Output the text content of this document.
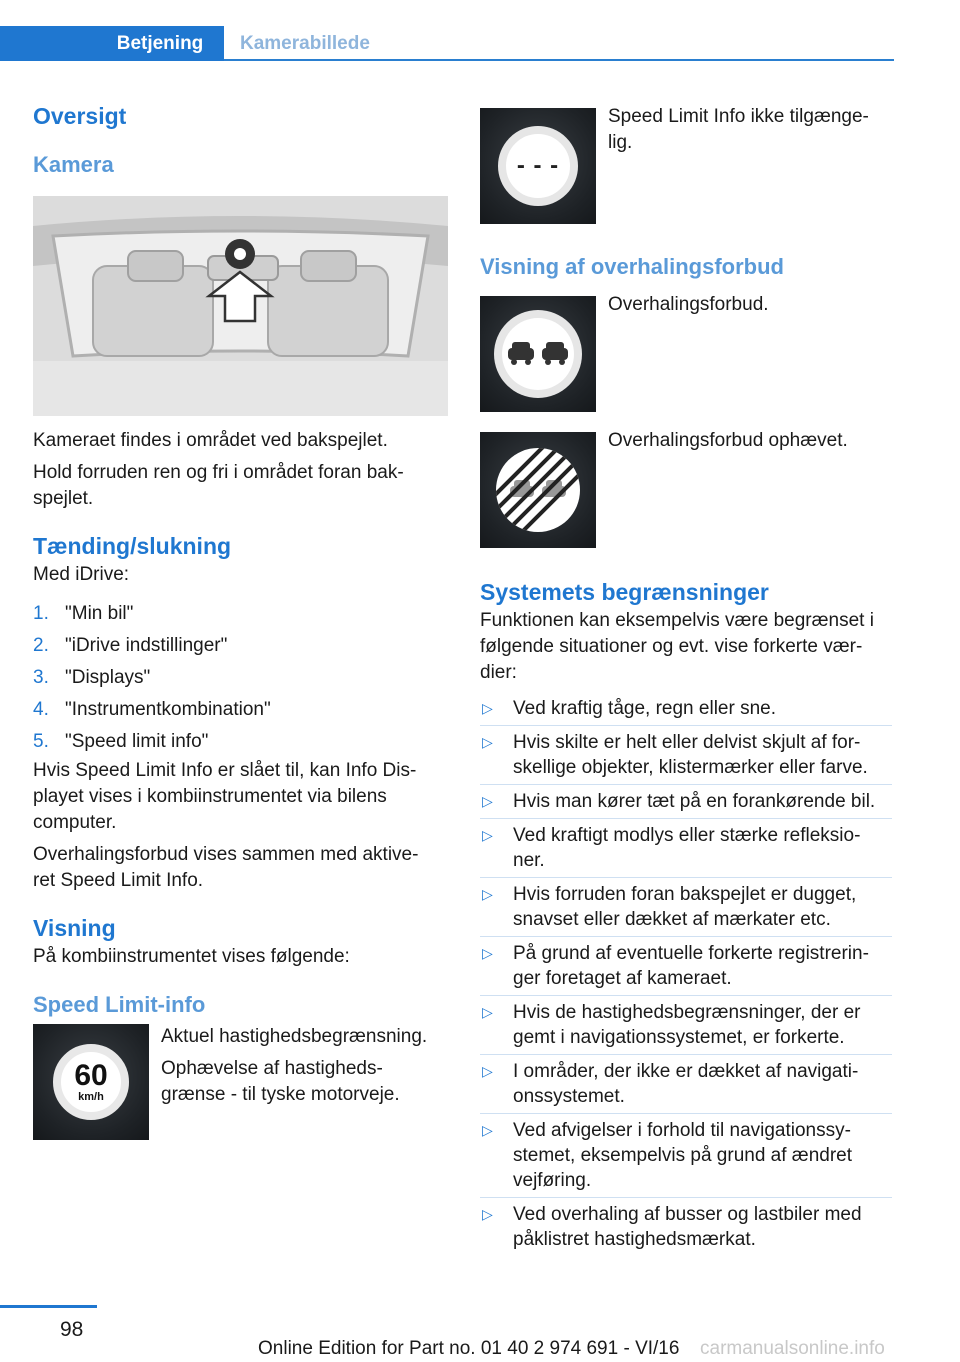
Betjening Kamerabillede
Oversigt
Kamera

Kameraet findes i området ved bakspejlet.

Hold forruden ren og fri i området foran bak-spejlet.

Tænding/slukning

Med iDrive:

1. "Min bil"
2. "iDrive indstillinger"
3. "Displays"
4. "Instrumentkombination"
5. "Speed limit info"

Hvis Speed Limit Info er slået til, kan Info Dis-playet vises i kombiinstrumentet via bilens computer.

Overhalingsforbud vises sammen med aktive-ret Speed Limit Info.

Visning

På kombiinstrumentet vises følgende:

Speed Limit-info
60
km/h

Aktuel hastighedsbegrænsning.

Ophævelse af hastigheds-grænse - til tyske motorveje.

- - -

Speed Limit Info ikke tilgænge-lig.

Visning af overhalingsforbud

Overhalingsforbud.

Overhalingsforbud ophævet.

Systemets begrænsninger

Funktionen kan eksempelvis være begrænset i følgende situationer og evt. vise forkerte vær-dier:

▷	Ved kraftig tåge, regn eller sne.
▷	Hvis skilte er helt eller delvist skjult af for-skellige objekter, klistermærker eller farve.
▷	Hvis man kører tæt på en forankørende bil.
▷	Ved kraftigt modlys eller stærke refleksio-ner.
▷	Hvis forruden foran bakspejlet er dugget, snavset eller dækket af mærkater etc.
▷	På grund af eventuelle forkerte registrerin-ger foretaget af kameraet.
▷	Hvis de hastighedsbegrænsninger, der er gemt i navigationssystemet, er forkerte.
▷	I områder, der ikke er dækket af navigati-onssystemet.
▷	Ved afvigelser i forhold til navigationssy-stemet, eksempelvis på grund af ændret vejføring.
▷	Ved overhaling af busser og lastbiler med påklistret hastighedsmærkat.
98
Online Edition for Part no. 01 40 2 974 691 - VI/16 carmanualsonline.info
